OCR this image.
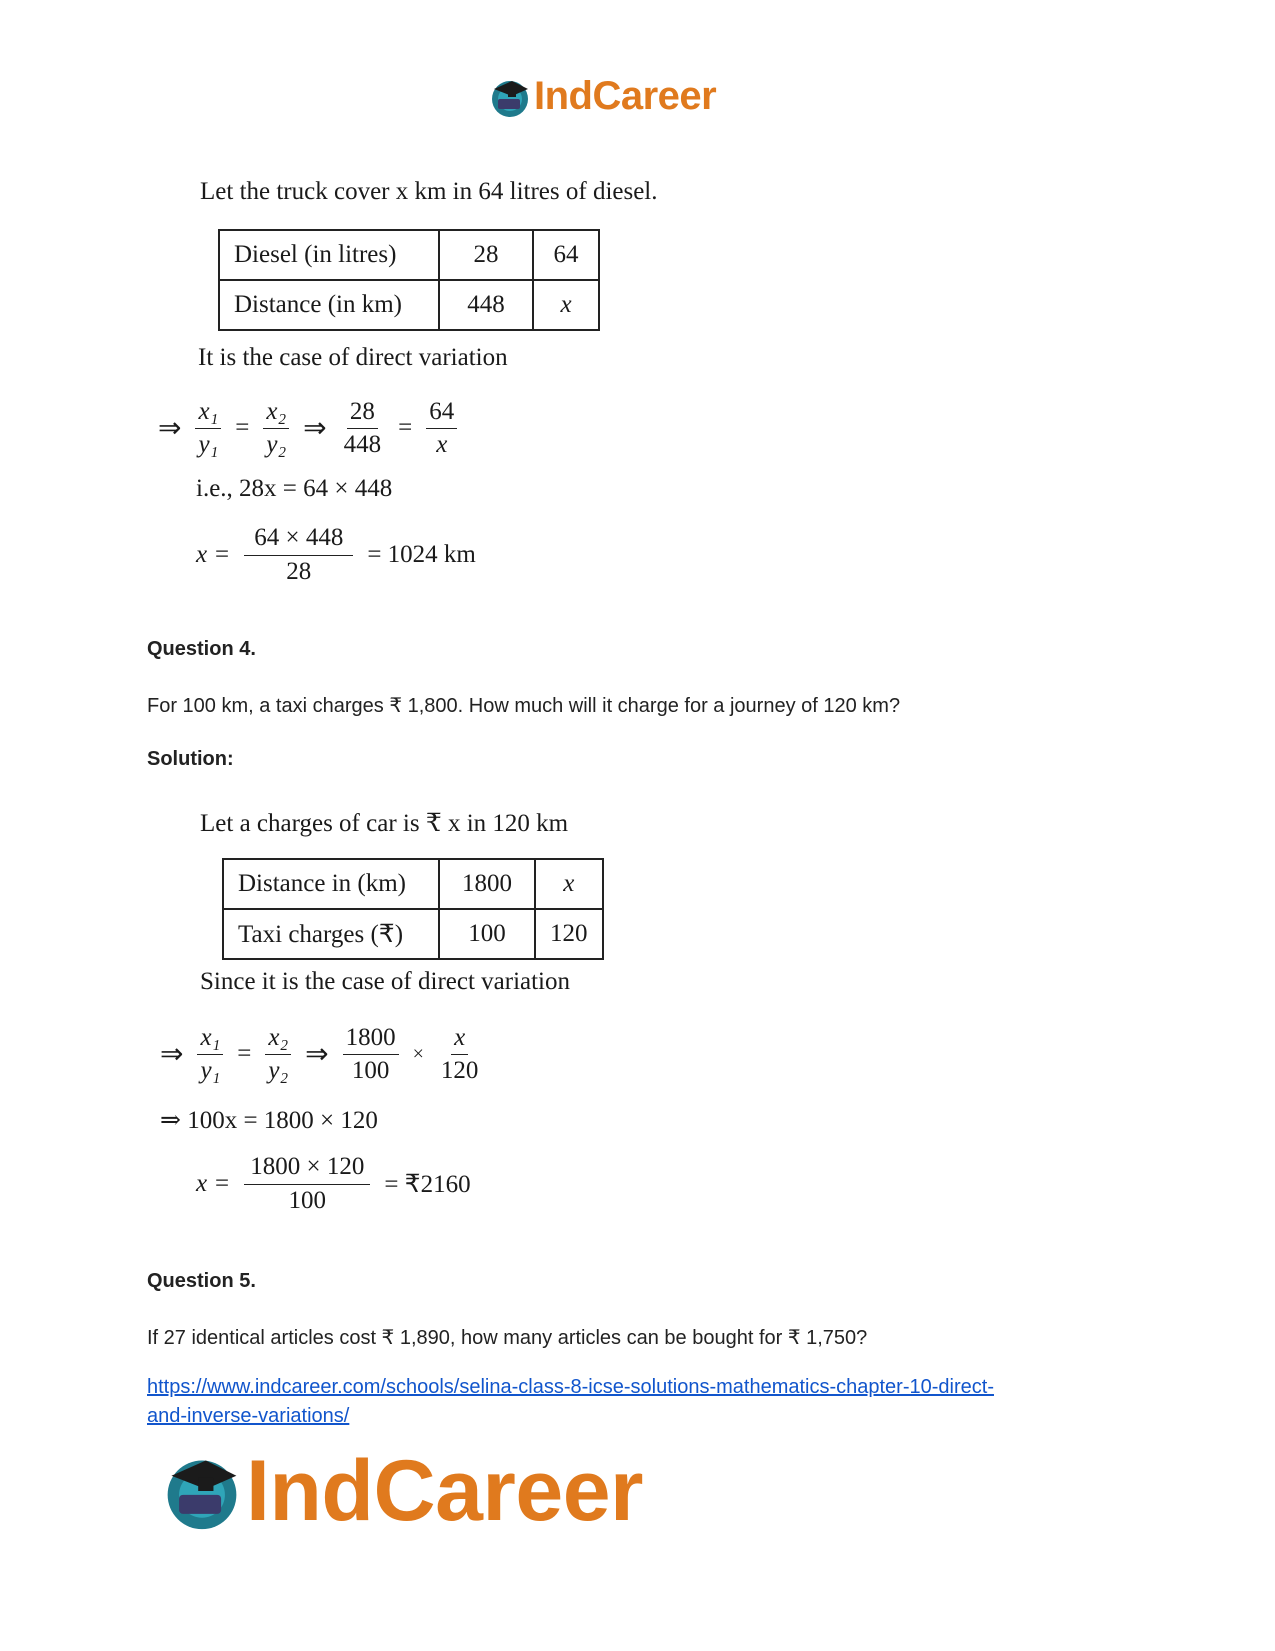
IndCareer
Let the truck cover x km in 64 litres of diesel.
Diesel (in litres)	28	64
Distance (in km)	448	x
It is the case of direct variation
⇒ $\frac{\text{x₁}}{\text{y₁}} = \frac{\text{x₂}}{\text{y₂}}$ ⇒ $\frac{28}{448} = \frac{64}{x}$
i.e., 28x = 64 × 448
$x = \frac{64 \times 448}{28} = 1024$ km
Question 4.
For 100 km, a taxi charges ₹ 1,800. How much will it charge for a journey of 120 km?
Solution:
Let a charges of car is ₹ x in 120 km
Distance in (km)	1800	x
Taxi charges (₹)	100	120
Since it is the case of direct variation
⇒ $\frac{\text{x₁}}{\text{y₁}} = \frac{\text{x₂}}{\text{y₂}}$ ⇒ $\frac{1800}{100} \times \frac{x}{120}$
⇒ 100x = 1800 × 120
$x = \frac{1800 \times 120}{100}$ = ₹2160
Question 5.
If 27 identical articles cost ₹ 1,890, how many articles can be bought for ₹ 1,750?
https://www.indcareer.com/schools/selina-class-8-icse-solutions-mathematics-chapter-10-direct-
and-inverse-variations/
IndCareer
